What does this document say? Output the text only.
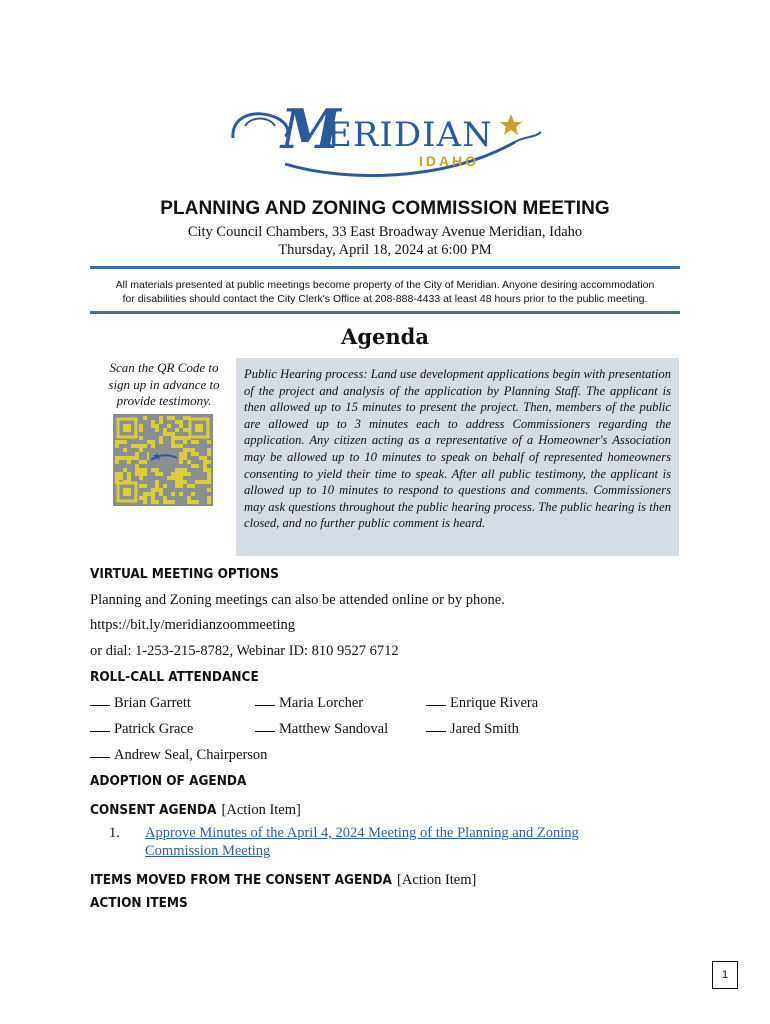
M
ERIDIAN
IDAHO
PLANNING AND ZONING COMMISSION MEETING
City Council Chambers, 33 East Broadway Avenue Meridian, Idaho
Thursday, April 18, 2024 at 6:00 PM
All materials presented at public meetings become property of the City of Meridian. Anyone desiring accommodation
for disabilities should contact the City Clerk's Office at 208-888-4433 at least 48 hours prior to the public meeting.
Agenda
Scan the QR Code to
sign up in advance to
provide testimony.
Public Hearing process: Land use development applications begin with presentation of the project and analysis of the application by Planning Staff. The applicant is then allowed up to 15 minutes to present the project. Then, members of the public are allowed up to 3 minutes each to address Commissioners regarding the application. Any citizen acting as a representative of a Homeowner's Association may be allowed up to 10 minutes to speak on behalf of represented homeowners consenting to yield their time to speak. After all public testimony, the applicant is allowed up to 10 minutes to respond to questions and comments. Commissioners may ask questions throughout the public hearing process. The public hearing is then closed, and no further public comment is heard.
VIRTUAL MEETING OPTIONS
Planning and Zoning meetings can also be attended online or by phone.
https://bit.ly/meridianzoommeeting
or dial: 1-253-215-8782, Webinar ID: 810 9527 6712
ROLL-CALL ATTENDANCE
Brian Garrett	Maria Lorcher	Enrique Rivera
Patrick Grace	Matthew Sandoval	Jared Smith
Andrew Seal, Chairperson
ADOPTION OF AGENDA
CONSENT AGENDA [Action Item]
1. Approve Minutes of the April 4, 2024 Meeting of the Planning and Zoning
Commission Meeting
ITEMS MOVED FROM THE CONSENT AGENDA [Action Item]
ACTION ITEMS
1
